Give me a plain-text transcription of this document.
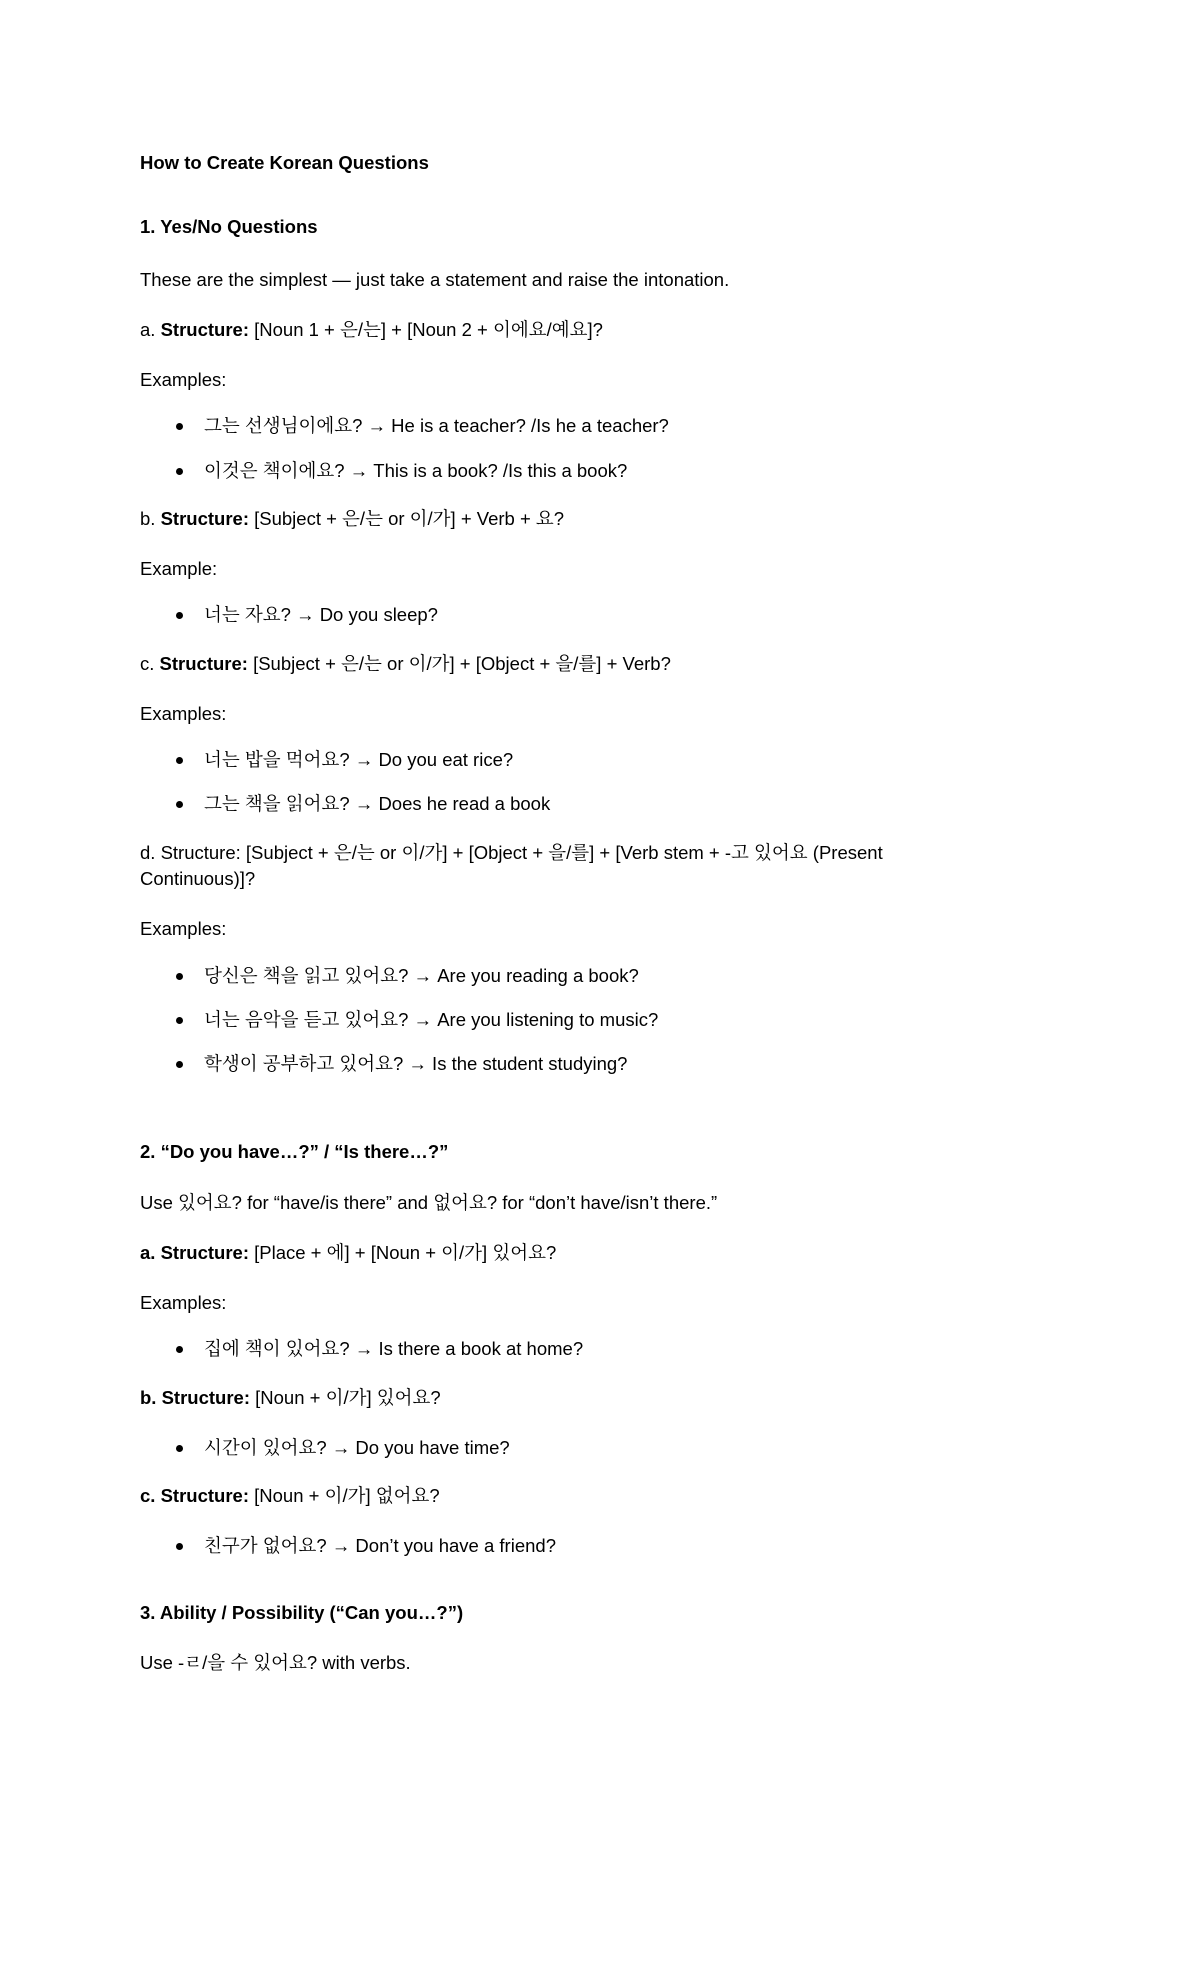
How to Create Korean Questions

1. Yes/No Questions

These are the simplest — just take a statement and raise the intonation.

a. Structure: [Noun 1 + 은/는] + [Noun 2 + 이에요/예요]?

Examples:

그는 선생님이에요? → He is a teacher? /Is he a teacher?
이것은 책이에요? → This is a book? /Is this a book?

b. Structure: [Subject + 은/는 or 이/가] + Verb + 요?

Example:

너는 자요? → Do you sleep?

c. Structure: [Subject + 은/는 or 이/가] + [Object + 을/를] + Verb?

Examples:

너는 밥을 먹어요? → Do you eat rice?
그는 책을 읽어요? → Does he read a book

d. Structure: [Subject + 은/는 or 이/가] + [Object + 을/를] + [Verb stem + -고 있어요 (Present Continuous)]?

Examples:

당신은 책을 읽고 있어요? → Are you reading a book?
너는 음악을 듣고 있어요? → Are you listening to music?
학생이 공부하고 있어요? → Is the student studying?

2. “Do you have…?” / “Is there…?”

Use 있어요? for “have/is there” and 없어요? for “don’t have/isn’t there.”

a. Structure: [Place + 에] + [Noun + 이/가] 있어요?

Examples:

집에 책이 있어요? → Is there a book at home?

b. Structure: [Noun + 이/가] 있어요?

시간이 있어요? → Do you have time?

c. Structure: [Noun + 이/가] 없어요?

친구가 없어요? → Don’t you have a friend?

3. Ability / Possibility (“Can you…?”)

Use -ㄹ/을 수 있어요? with verbs.
